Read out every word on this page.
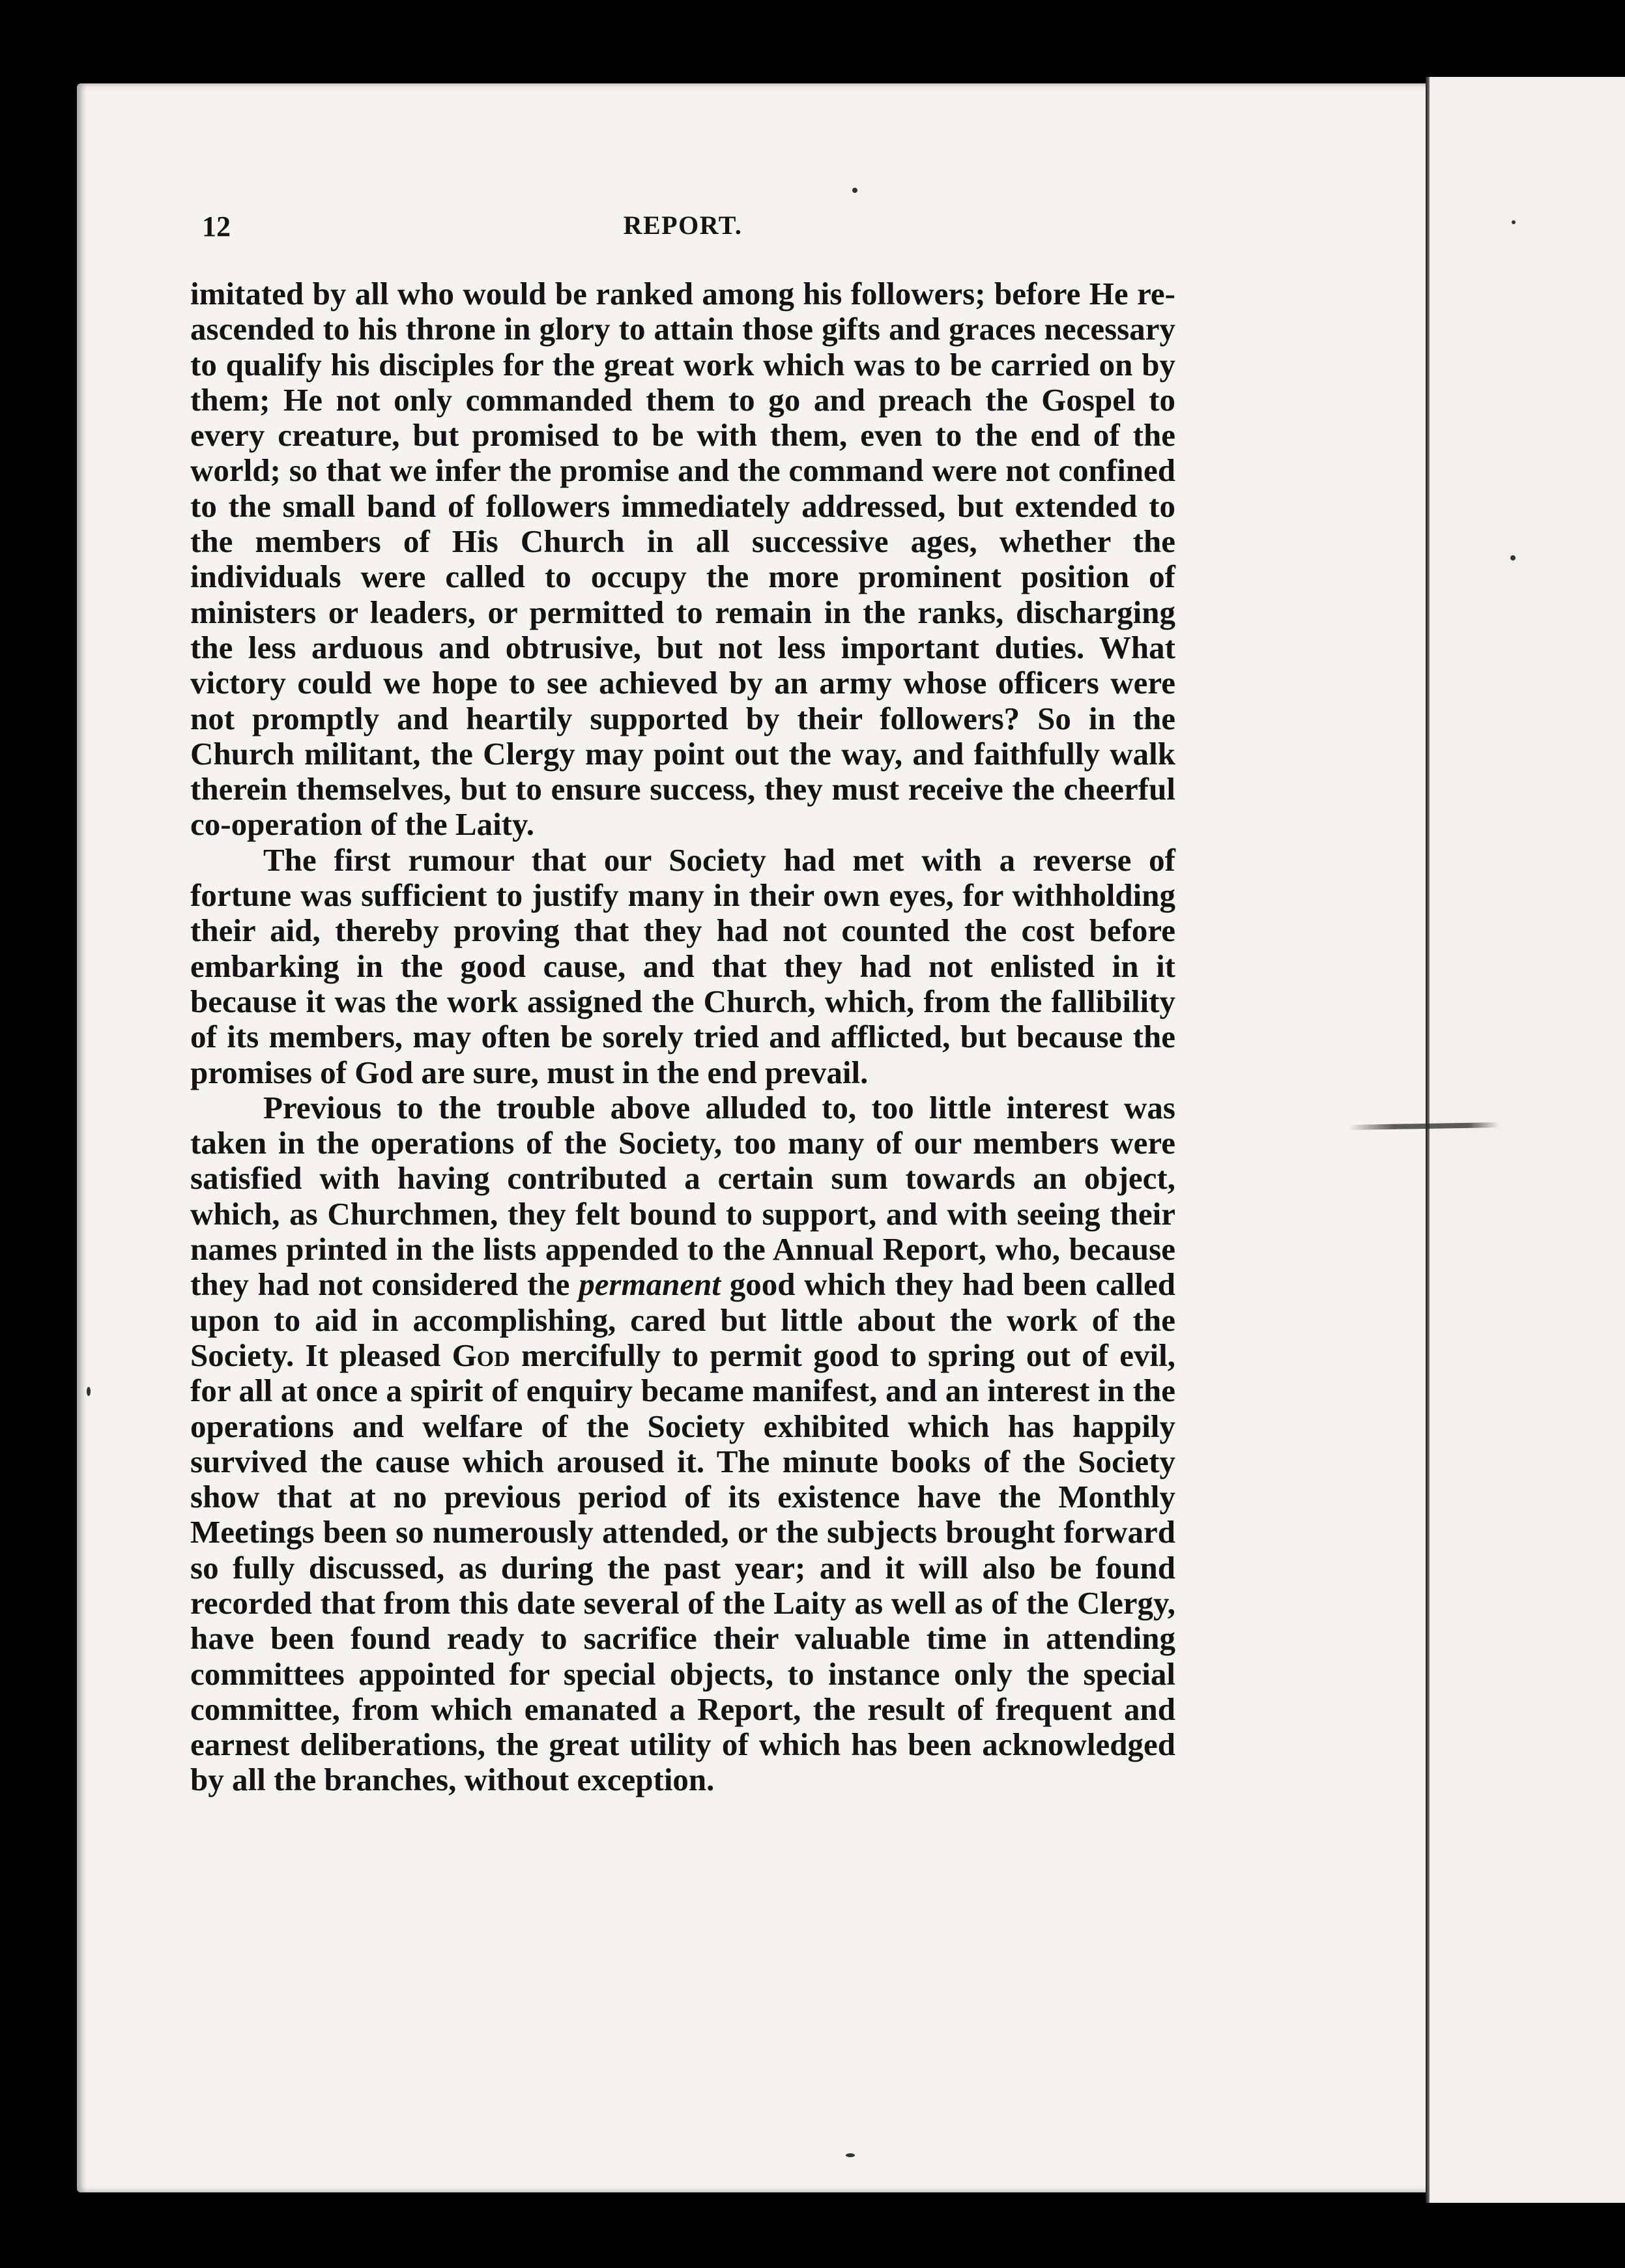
12	REPORT.

imitated by all who would be ranked among his followers; before He re-ascended to his throne in glory to attain those gifts and graces necessary to qualify his disciples for the great work which was to be carried on by them; He not only commanded them to go and preach the Gospel to every creature, but promised to be with them, even to the end of the world; so that we infer the promise and the command were not confined to the small band of followers immediately addressed, but extended to the members of His Church in all successive ages, whether the individuals were called to occupy the more prominent position of ministers or leaders, or permitted to remain in the ranks, discharging the less arduous and obtrusive, but not less important duties. What victory could we hope to see achieved by an army whose officers were not promptly and heartily supported by their followers? So in the Church militant, the Clergy may point out the way, and faithfully walk therein themselves, but to ensure success, they must receive the cheerful co-operation of the Laity.

The first rumour that our Society had met with a reverse of fortune was sufficient to justify many in their own eyes, for withholding their aid, thereby proving that they had not counted the cost before embarking in the good cause, and that they had not enlisted in it because it was the work assigned the Church, which, from the fallibility of its members, may often be sorely tried and afflicted, but because the promises of God are sure, must in the end prevail.

Previous to the trouble above alluded to, too little interest was taken in the operations of the Society, too many of our members were satisfied with having contributed a certain sum towards an object, which, as Churchmen, they felt bound to support, and with seeing their names printed in the lists appended to the Annual Report, who, because they had not considered the permanent good which they had been called upon to aid in accomplishing, cared but little about the work of the Society. It pleased God mercifully to permit good to spring out of evil, for all at once a spirit of enquiry became manifest, and an interest in the operations and welfare of the Society exhibited which has happily survived the cause which aroused it. The minute books of the Society show that at no previous period of its existence have the Monthly Meetings been so numerously attended, or the subjects brought forward so fully discussed, as during the past year; and it will also be found recorded that from this date several of the Laity as well as of the Clergy, have been found ready to sacrifice their valuable time in attending committees appointed for special objects, to instance only the special committee, from which emanated a Report, the result of frequent and earnest deliberations, the great utility of which has been acknowledged by all the branches, without exception.
